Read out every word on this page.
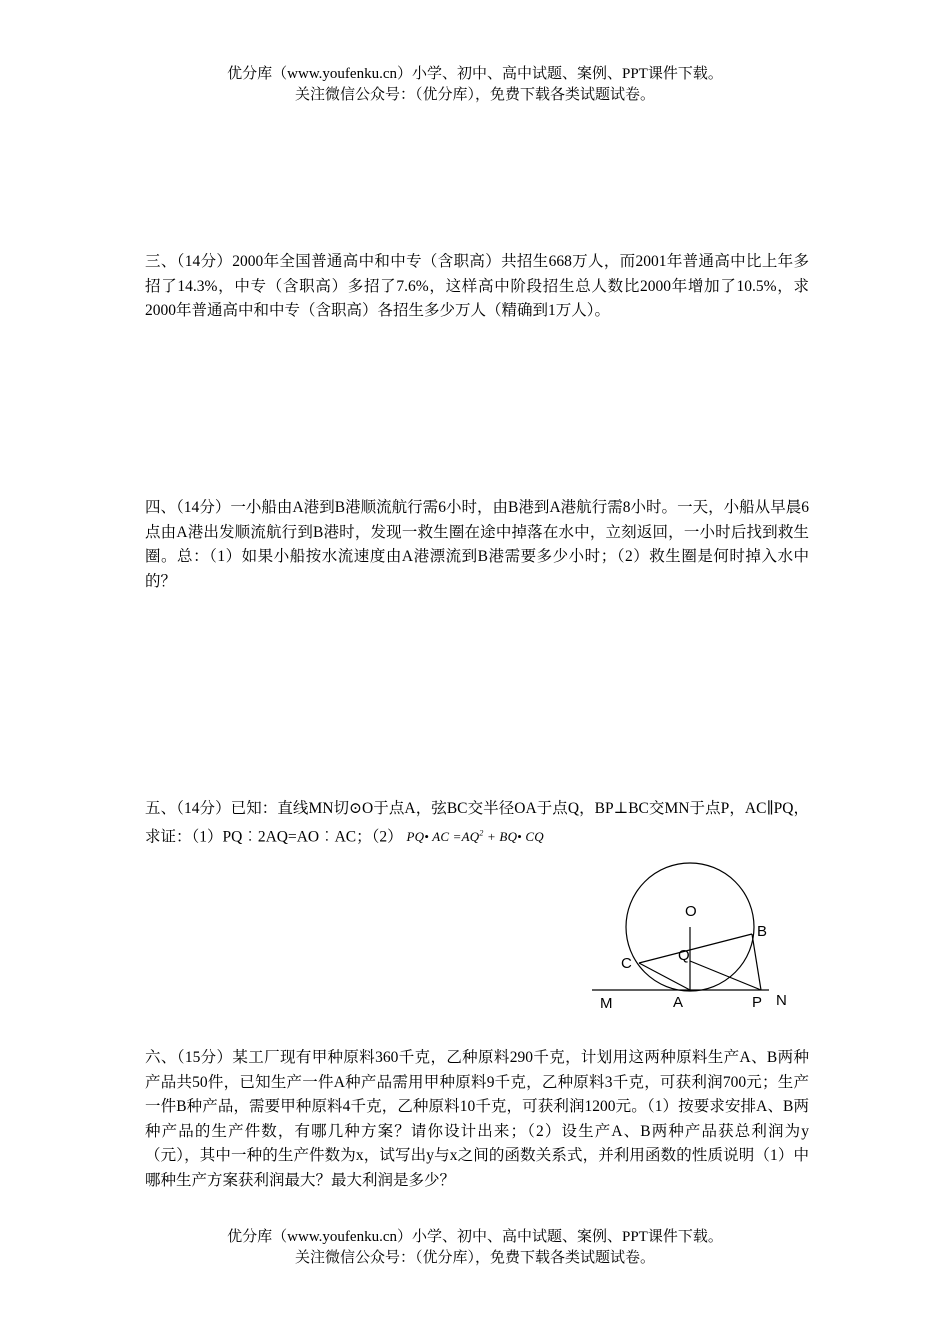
优分库（www.youfenku.cn）小学、初中、高中试题、案例、PPT课件下载。
关注微信公众号：（优分库），免费下载各类试题试卷。
三、（14分）2000年全国普通高中和中专（含职高）共招生668万人，而2001年普通高中比上年多招了14.3%，中专（含职高）多招了7.6%，这样高中阶段招生总人数比2000年增加了10.5%，求2000年普通高中和中专（含职高）各招生多少万人（精确到1万人）。
四、（14分）一小船由A港到B港顺流航行需6小时，由B港到A港航行需8小时。一天，小船从早晨6点由A港出发顺流航行到B港时，发现一救生圈在途中掉落在水中，立刻返回，一小时后找到救生圈。总：（1）如果小船按水流速度由A港漂流到B港需要多少小时；（2）救生圈是何时掉入水中的？
五、（14分）已知：直线MN切⊙O于点A，弦BC交半径OA于点Q，BP⊥BC交MN于点P，AC∥PQ，求证：（1）PQ︰2AQ=AO︰AC；（2） PQ• AC $=AQ^2$ + BQ• CQ
O
B
C	Q
M	A	P N
六、（15分）某工厂现有甲种原料360千克，乙种原料290千克，计划用这两种原料生产A、B两种产品共50件，已知生产一件A种产品需用甲种原料9千克，乙种原料3千克，可获利润700元；生产一件B种产品，需要甲种原料4千克，乙种原料10千克，可获利润1200元。（1）按要求安排A、B两种产品的生产件数，有哪几种方案？请你设计出来；（2）设生产A、B两种产品获总利润为y（元），其中一种的生产件数为x，试写出y与x之间的函数关系式，并利用函数的性质说明（1）中哪种生产方案获利润最大？最大利润是多少？
优分库（www.youfenku.cn）小学、初中、高中试题、案例、PPT课件下载。
关注微信公众号：（优分库），免费下载各类试题试卷。
